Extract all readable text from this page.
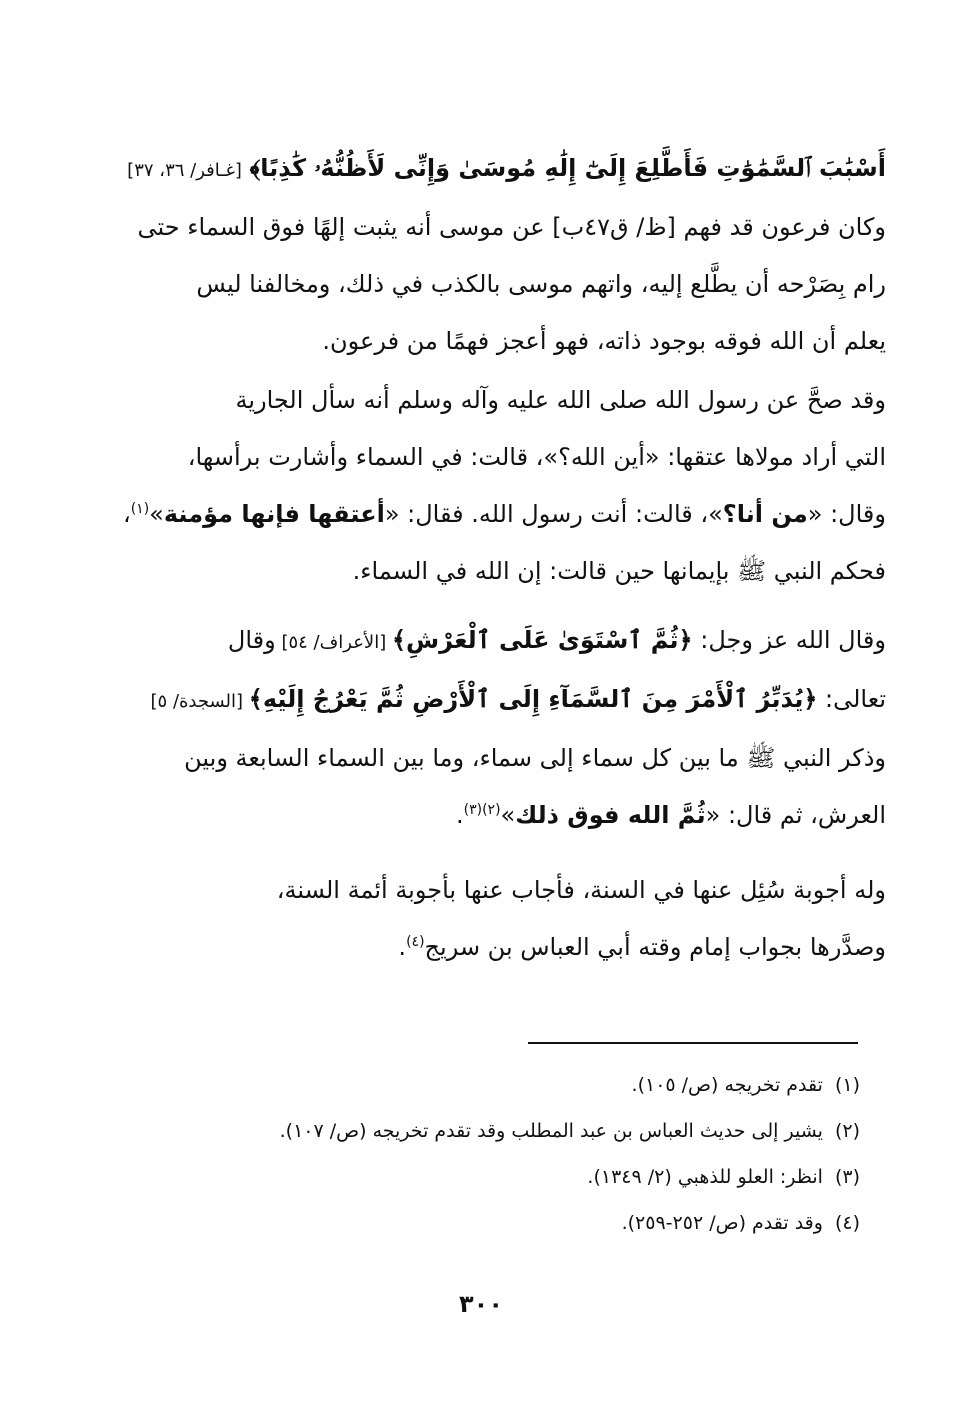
أَسْبَٰبَ ٱلسَّمَٰوَٰتِ فَأَطَّلِعَ إِلَىٰٓ إِلَٰهِ مُوسَىٰ وَإِنِّى لَأَظُنُّهُۥ كَٰذِبًا﴾ [غـافر/ ٣٦، ٣٧]
وكان فرعون قد فهم [ظ/ ق٤٧ب] عن موسى أنه يثبت إلهًا فوق السماء حتى
رام بِصَرْحه أن يطَّلع إليه، واتهم موسى بالكذب في ذلك، ومخالفنا ليس
يعلم أن الله فوقه بوجود ذاته، فهو أعجز فهمًا من فرعون.
وقد صحَّ عن رسول الله صلى الله عليه وآله وسلم أنه سأل الجارية
التي أراد مولاها عتقها: «أين الله؟»، قالت: في السماء وأشارت برأسها،
وقال: «من أنا؟»، قالت: أنت رسول الله. فقال: «أعتقها فإنها مؤمنة»$^{(١)}$،
فحكم النبي ﷺ بإيمانها حين قالت: إن الله في السماء.
وقال الله عز وجل: ﴿ثُمَّ ٱسْتَوَىٰ عَلَى ٱلْعَرْشِ﴾ [الأعراف/ ٥٤] وقال
تعالى: ﴿يُدَبِّرُ ٱلْأَمْرَ مِنَ ٱلسَّمَآءِ إِلَى ٱلْأَرْضِ ثُمَّ يَعْرُجُ إِلَيْهِ﴾ [السجدة/ ٥]
وذكر النبي ﷺ ما بين كل سماء إلى سماء، وما بين السماء السابعة وبين
العرش، ثم قال: «ثُمَّ الله فوق ذلك»$^{(٢)(٣)}$.
وله أجوبة سُئِل عنها في السنة، فأجاب عنها بأجوبة أئمة السنة،
وصدَّرها بجواب إمام وقته أبي العباس بن سريج$^{(٤)}$.
(١)تقدم تخريجه (ص/ ١٠٥).
(٢)يشير إلى حديث العباس بن عبد المطلب وقد تقدم تخريجه (ص/ ١٠٧).
(٣)انظر: العلو للذهبي (٢/ ١٣٤٩).
(٤)وقد تقدم (ص/ ٢٥٢-٢٥٩).
٣٠٠
